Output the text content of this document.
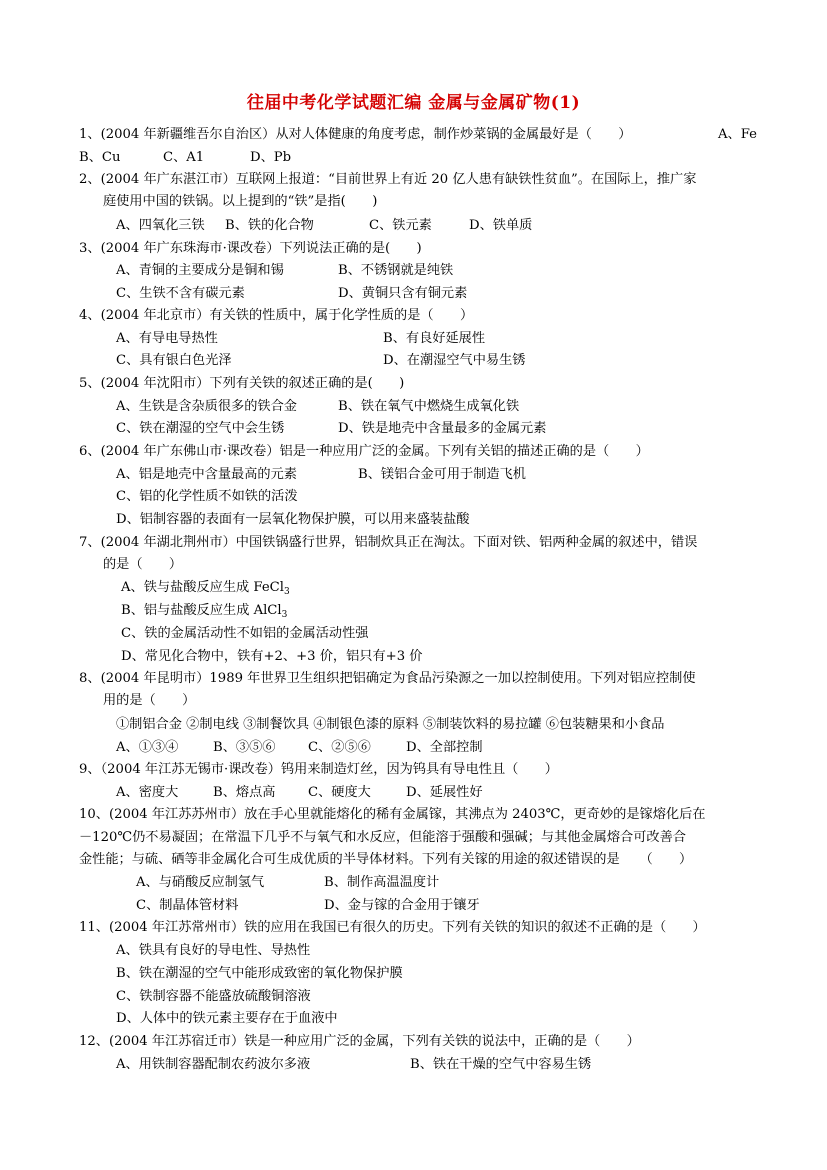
往届中考化学试题汇编 金属与金属矿物(1)
1、(2004 年新疆维吾尔自治区）从对人体健康的角度考虑，制作炒菜锅的金属最好是（　　）	A、Fe
B、Cu	C、A1	D、Pb
2、(2004 年广东湛江市）互联网上报道：“目前世界上有近 20 亿人患有缺铁性贫血”。在国际上，推广家
庭使用中国的铁锅。以上提到的“铁”是指(　　)
A、四氧化三铁 B、铁的化合物	C、铁元素	D、铁单质
3、(2004 年广东珠海市·课改卷）下列说法正确的是(　　)
A、青铜的主要成分是铜和锡	B、不锈钢就是纯铁
C、生铁不含有碳元素	D、黄铜只含有铜元素
4、(2004 年北京市）有关铁的性质中，属于化学性质的是（　　）
A、有导电导热性	B、有良好延展性
C、具有银白色光泽	D、在潮湿空气中易生锈
5、(2004 年沈阳市）下列有关铁的叙述正确的是(　　)
A、生铁是含杂质很多的铁合金	B、铁在氧气中燃烧生成氧化铁
C、铁在潮湿的空气中会生锈	D、铁是地壳中含量最多的金属元素
6、(2004 年广东佛山市·课改卷）铝是一种应用广泛的金属。下列有关铝的描述正确的是（　　）
A、铝是地壳中含量最高的元素	B、镁铝合金可用于制造飞机
C、铝的化学性质不如铁的活泼
D、铝制容器的表面有一层氧化物保护膜，可以用来盛装盐酸
7、(2004 年湖北荆州市）中国铁锅盛行世界，铝制炊具正在淘汰。下面对铁、铝两种金属的叙述中，错误
的是（　　）
A、铁与盐酸反应生成 FeCl$_3$
B、铝与盐酸反应生成 AlCl$_3$
C、铁的金属活动性不如铝的金属活动性强
D、常见化合物中，铁有+2、+3 价，铝只有+3 价
8、(2004 年昆明市）1989 年世界卫生组织把铝确定为食品污染源之一加以控制使用。下列对铝应控制使
用的是（　　）
①制铝合金 ②制电线 ③制餐饮具 ④制银色漆的原料 ⑤制装饮料的易拉罐 ⑥包装糖果和小食品
A、①③④	B、③⑤⑥ C、②⑤⑥	D、全部控制
9、（2004 年江苏无锡市·课改卷）钨用来制造灯丝，因为钨具有导电性且（　　）
A、密度大	B、熔点高 C、硬度大	D、延展性好
10、(2004 年江苏苏州市）放在手心里就能熔化的稀有金属镓，其沸点为 2403℃，更奇妙的是镓熔化后在
－120℃仍不易凝固；在常温下几乎不与氧气和水反应，但能溶于强酸和强碱；与其他金属熔合可改善合
金性能；与硫、硒等非金属化合可生成优质的半导体材料。下列有关镓的用途的叙述错误的是　　（　　）
A、与硝酸反应制氢气	B、制作高温温度计
C、制晶体管材料	D、金与镓的合金用于镶牙
11、(2004 年江苏常州市）铁的应用在我国已有很久的历史。下列有关铁的知识的叙述不正确的是（　　）
A、铁具有良好的导电性、导热性
B、铁在潮湿的空气中能形成致密的氧化物保护膜
C、铁制容器不能盛放硫酸铜溶液
D、人体中的铁元素主要存在于血液中
12、(2004 年江苏宿迁市）铁是一种应用广泛的金属，下列有关铁的说法中，正确的是（　　）
A、用铁制容器配制农药波尔多液	B、铁在干燥的空气中容易生锈
